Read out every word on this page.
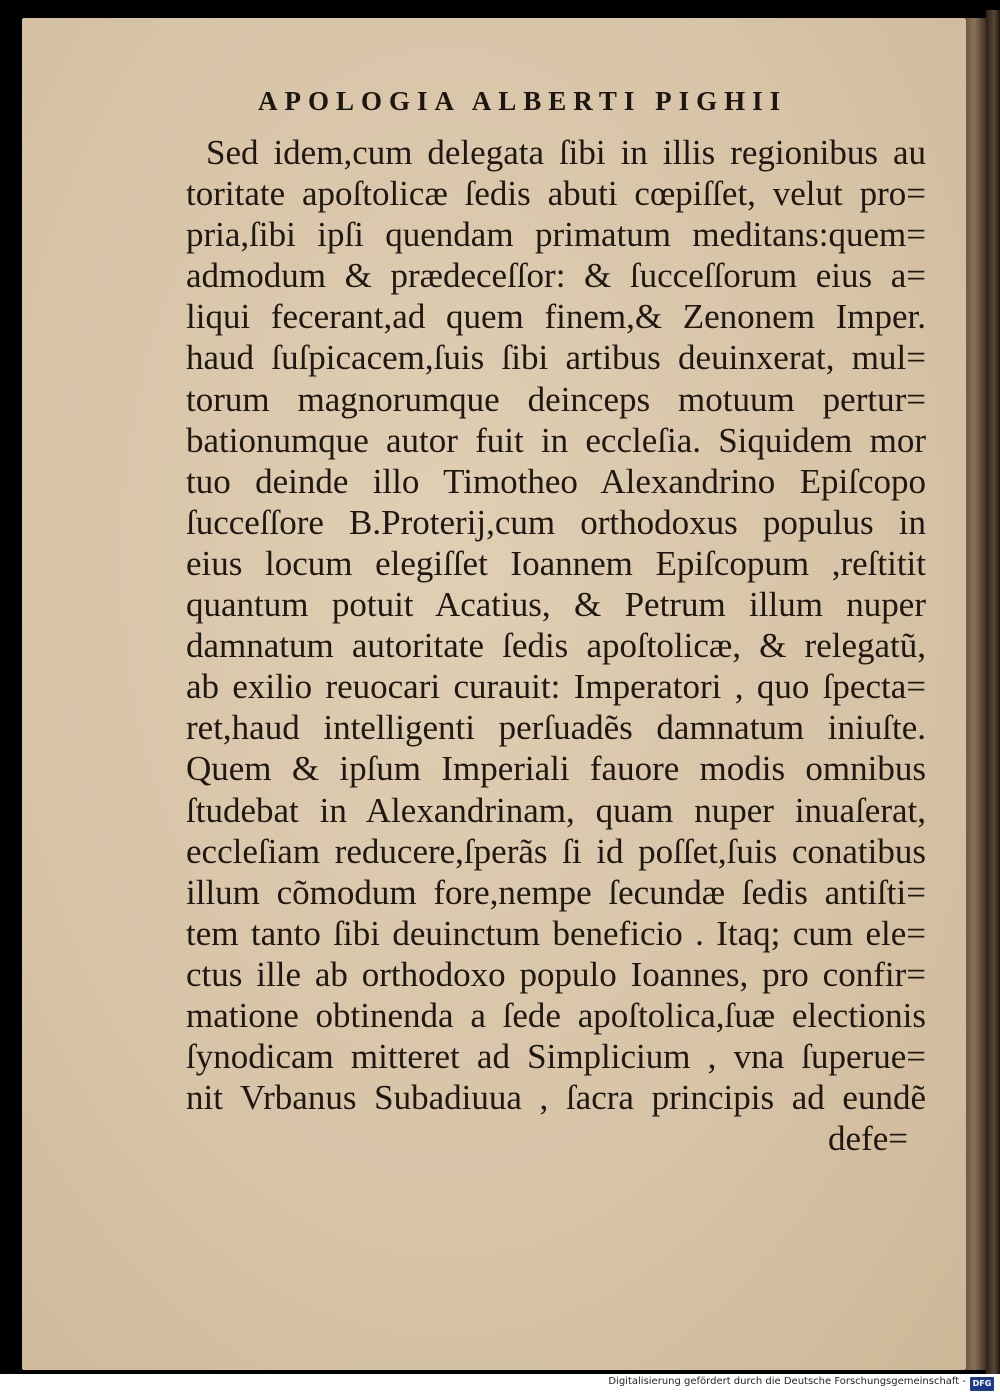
APOLOGIA ALBERTI PIGHII
Sed idem,cum delegata ſibi in illis regionibus au
toritate apoſtolicæ ſedis abuti cœpiſſet, velut pro=
pria,ſibi ipſi quendam primatum meditans:quem=
admodum & prædeceſſor: & ſucceſſorum eius a=
liqui fecerant,ad quem finem,& Zenonem Imper.
haud ſuſpicacem,ſuis ſibi artibus deuinxerat, mul=
torum magnorumque deinceps motuum pertur=
bationumque autor fuit in eccleſia. Siquidem mor
tuo deinde illo Timotheo Alexandrino Epiſcopo
ſucceſſore B.Proterij,cum orthodoxus populus in
eius locum elegiſſet Ioannem Epiſcopum ,reſtitit
quantum potuit Acatius, & Petrum illum nuper
damnatum autoritate ſedis apoſtolicæ, & relegatũ,
ab exilio reuocari curauit: Imperatori , quo ſpecta=
ret,haud intelligenti perſuadẽs damnatum iniuſte.
Quem & ipſum Imperiali fauore modis omnibus
ſtudebat in Alexandrinam, quam nuper inuaſerat,
eccleſiam reducere,ſperãs ſi id poſſet,ſuis conatibus
illum cõmodum fore,nempe ſecundæ ſedis antiſti=
tem tanto ſibi deuinctum beneficio . Itaq; cum ele=
ctus ille ab orthodoxo populo Ioannes, pro confir=
matione obtinenda a ſede apoſtolica,ſuæ electionis
ſynodicam mitteret ad Simplicium , vna ſuperue=
nit Vrbanus Subadiuua , ſacra principis ad eundẽ
defe=
Digitalisierung gefördert durch die Deutsche Forschungsgemeinschaft - DFG
